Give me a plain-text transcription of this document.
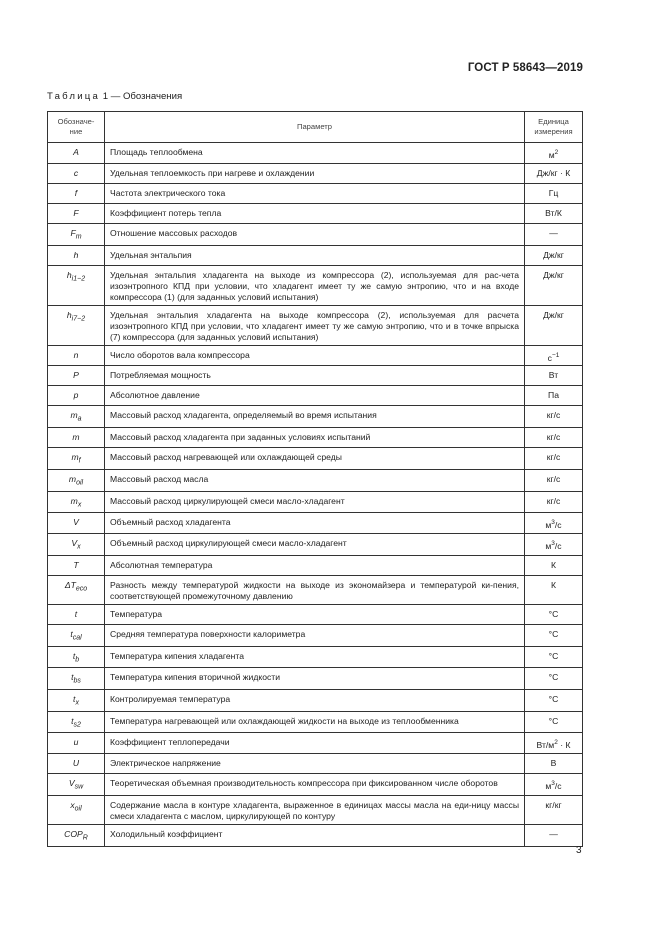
ГОСТ Р 58643—2019
Таблица 1 — Обозначения
Обозначе-
ние	Параметр	Единица
измерения
A	Площадь теплообмена	$м^2$
c	Удельная теплоемкость при нагреве и охлаждении	Дж/кг · К
f	Частота электрического тока	Гц
F	Коэффициент потерь тепла	Вт/К
$F_m$	Отношение массовых расходов	—
h	Удельная энтальпия	Дж/кг
$h_{i1-2}$	Удельная энтальпия хладагента на выходе из компрессора (2), используемая для рас-чета изоэнтропного КПД при условии, что хладагент имеет ту же самую энтропию, что и на входе компрессора (1) (для заданных условий испытания)	Дж/кг
$h_{i7-2}$	Удельная энтальпия хладагента на выходе компрессора (2), используемая для расчета изоэнтропного КПД при условии, что хладагент имеет ту же самую энтропию, что и в точке впрыска (7) компрессора (для заданных условий испытания)	Дж/кг
n	Число оборотов вала компрессора	$с^{-1}$
P	Потребляемая мощность	Вт
p	Абсолютное давление	Па
$m_a$	Массовый расход хладагента, определяемый во время испытания	кг/с
m	Массовый расход хладагента при заданных условиях испытаний	кг/с
$m_f$	Массовый расход нагревающей или охлаждающей среды	кг/с
$m_{oil}$	Массовый расход масла	кг/с
$m_x$	Массовый расход циркулирующей смеси масло-хладагент	кг/с
V	Объемный расход хладагента	$м^3/с$
$V_x$	Объемный расход циркулирующей смеси масло-хладагент	$м^3/с$
T	Абсолютная температура	К
$\Delta T_{eco}$	Разность между температурой жидкости на выходе из экономайзера и температурой ки-пения, соответствующей промежуточному давлению	К
t	Температура	°С
$t_{cal}$	Средняя температура поверхности калориметра	°С
$t_b$	Температура кипения хладагента	°С
$t_{bs}$	Температура кипения вторичной жидкости	°С
$t_x$	Контролируемая температура	°С
$t_{s2}$	Температура нагревающей или охлаждающей жидкости на выходе из теплообменника	°С
u	Коэффициент теплопередачи	$Вт/м^2 \cdot К$
U	Электрическое напряжение	В
$V_{sw}$	Теоретическая объемная производительность компрессора при фиксированном числе оборотов	$м^3/с$
$x_{oil}$	Содержание масла в контуре хладагента, выраженное в единицах массы масла на еди-ницу массы смеси хладагента с маслом, циркулирующей по контуру	кг/кг
$COP_R$	Холодильный коэффициент	—
3
